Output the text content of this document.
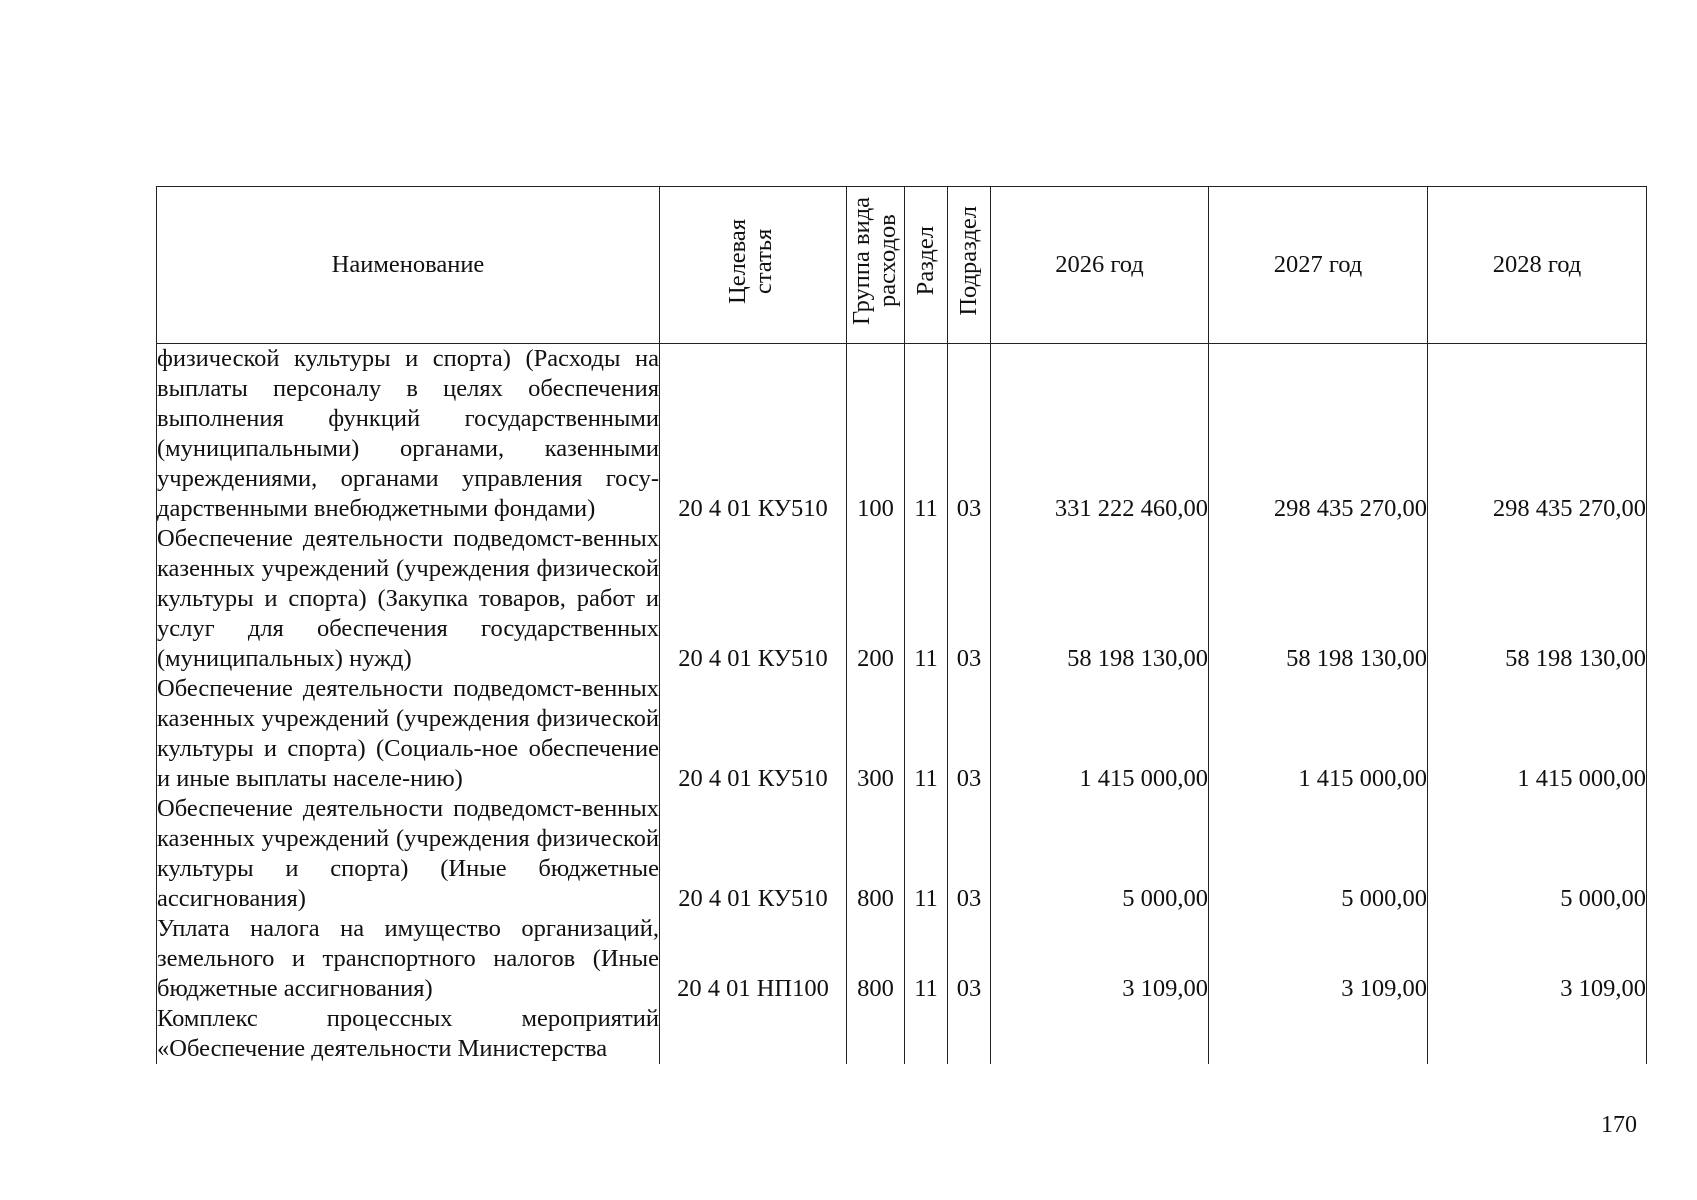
Наименование	Целевая статья	Группа вида расходов	Раздел	Подраздел	2026 год	2027 год	2028 год
физической культуры и спорта) (Расходы на выплаты персоналу в целях обеспечения выполнения функций государственными (муниципальными) органами, казенными учреждениями, органами управления госу-дарственными внебюджетными фондами)	20 4 01 КУ510	100	11	03	331 222 460,00	298 435 270,00	298 435 270,00
Обеспечение деятельности подведомст-венных казенных учреждений (учреждения физической культуры и спорта) (Закупка товаров, работ и услуг для обеспечения государственных (муниципальных) нужд)	20 4 01 КУ510	200	11	03	58 198 130,00	58 198 130,00	58 198 130,00
Обеспечение деятельности подведомст-венных казенных учреждений (учреждения физической культуры и спорта) (Социаль-ное обеспечение и иные выплаты населе-нию)	20 4 01 КУ510	300	11	03	1 415 000,00	1 415 000,00	1 415 000,00
Обеспечение деятельности подведомст-венных казенных учреждений (учреждения физической культуры и спорта) (Иные бюджетные ассигнования)	20 4 01 КУ510	800	11	03	5 000,00	5 000,00	5 000,00
Уплата налога на имущество организаций, земельного и транспортного налогов (Иные бюджетные ассигнования)	20 4 01 НП100	800	11	03	3 109,00	3 109,00	3 109,00
Комплекс процессных мероприятий «Обеспечение деятельности Министерства							
170
